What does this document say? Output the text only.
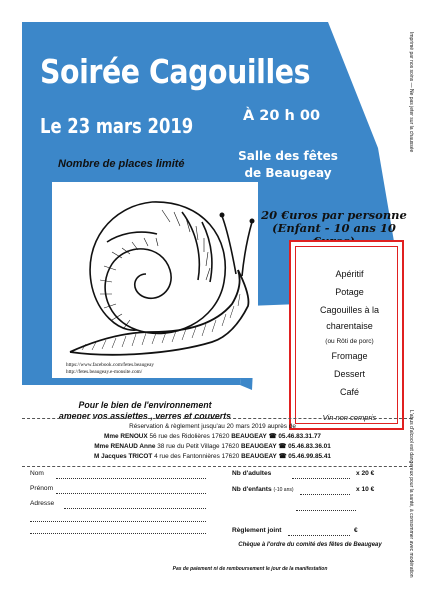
Soirée Cagouilles

Le 23 mars 2019	À 20 h 00

Nombre de places limité

Salle des fêtes
de Beaugeay
20 €uros par personne
(Enfant - 10 ans 10
https://www.facebook.com/fetes.beaugeay
http://fetes.beaugeay.e-monsite.com/
Pour le bien de l'environnement
amener vos assiettes , verres et couverts
Apéritif
Potage
Cagouilles à la
charentaise
(ou Rôti de porc)
Fromage
Dessert
Café
Vin non compris
Imprimé par nos soins — Ne pas jeter sur la chaussée
L'abus d'alcool est dangereux pour la santé, à consommer avec modération
Réservation & règlement jusqu'au 20 mars 2019 auprès de
Mme RENOUX 56 rue des Ridolières 17620 BEAUGEAY ☎ 05.46.83.31.77
Mme RENAUD Anne 38 rue du Petit Village 17620 BEAUGEAY ☎ 05.46.83.36.01
M Jacques TRICOT 4 rue des Fantonnières 17620 BEAUGEAY ☎ 05.46.99.85.41
Nom
Prénom
Adresse
Nb d'adultes	x 20 €
Nb d'enfants (-10 ans)	x 10 €
Règlement joint	€
Chèque à l'ordre du comité des fêtes de Beaugeay
Pas de paiement ni de remboursement le jour de la manifestation
